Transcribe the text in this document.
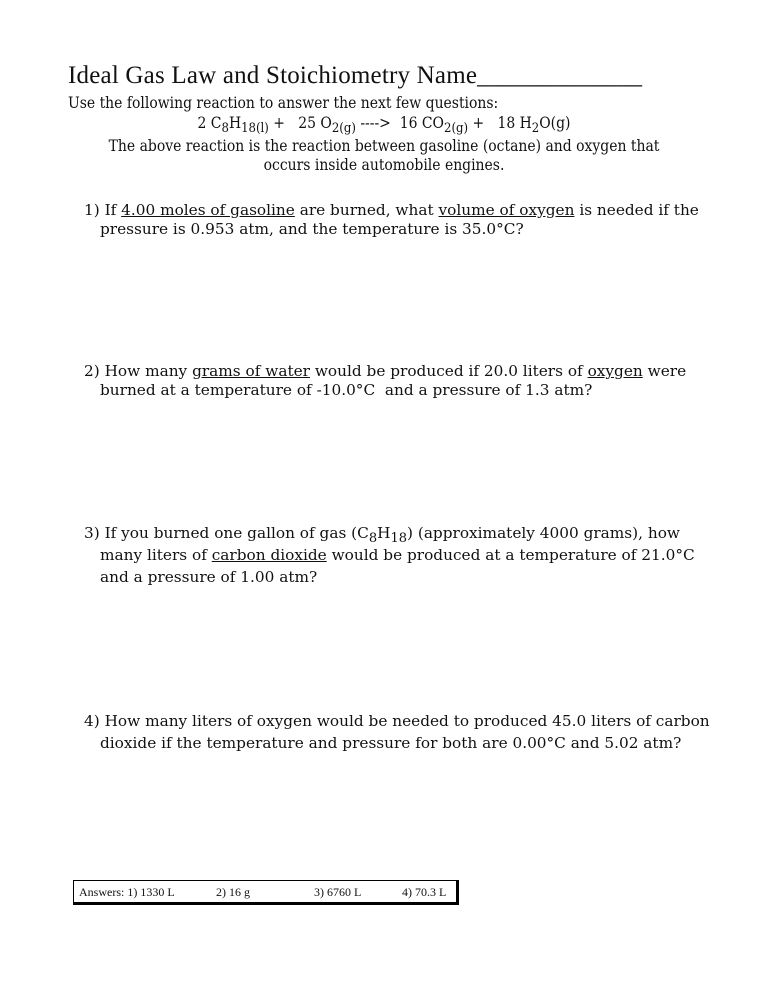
Ideal Gas Law and Stoichiometry Name_____________
Use the following reaction to answer the next few questions:
2 $C_8H_{18(l)} + 25$ $O_{2(g)}$ ---->  16 $CO_{2(g)} + 18$ $H_2O(g)$
The above reaction is the reaction between gasoline (octane) and oxygen that
occurs inside automobile engines.
1) If 4.00 moles of gasoline are burned, what volume of oxygen is needed if the
pressure is 0.953 atm, and the temperature is 35.0°C?
2) How many grams of water would be produced if 20.0 liters of oxygen were
burned at a temperature of -10.0°C  and a pressure of 1.3 atm?
3) If you burned one gallon of gas $(C_8H_{18})$ (approximately 4000 grams), how
many liters of carbon dioxide would be produced at a temperature of 21.0°C
and a pressure of 1.00 atm?
4) How many liters of oxygen would be needed to produced 45.0 liters of carbon
dioxide if the temperature and pressure for both are 0.00°C and 5.02 atm?
Answers: 1) 1330 L	2) 16 g	3) 6760 L	4) 70.3 L
